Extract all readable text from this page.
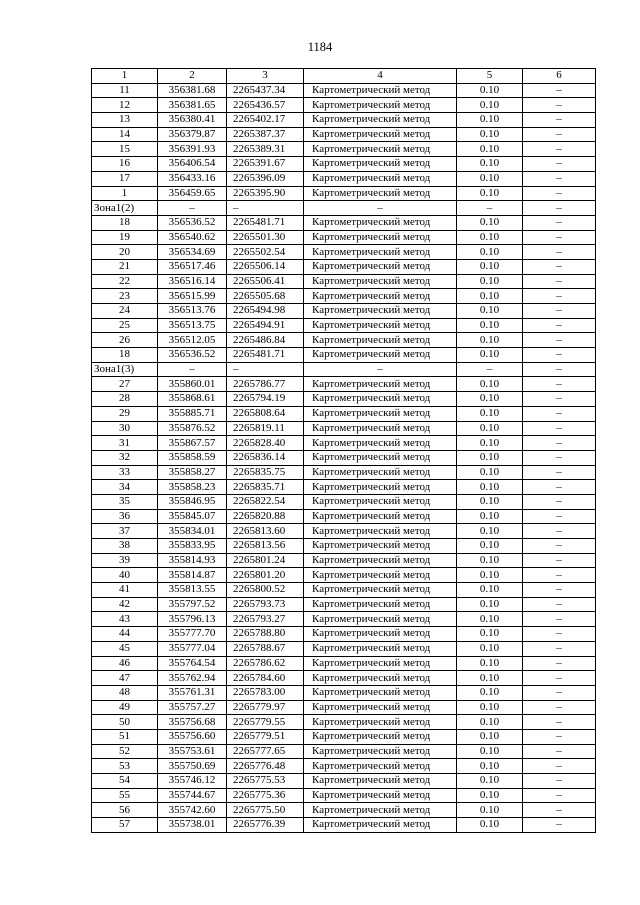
1184
1	2	3	4	5	6
11	356381.68	2265437.34	Картометрический метод	0.10	–
12	356381.65	2265436.57	Картометрический метод	0.10	–
13	356380.41	2265402.17	Картометрический метод	0.10	–
14	356379.87	2265387.37	Картометрический метод	0.10	–
15	356391.93	2265389.31	Картометрический метод	0.10	–
16	356406.54	2265391.67	Картометрический метод	0.10	–
17	356433.16	2265396.09	Картометрический метод	0.10	–
1	356459.65	2265395.90	Картометрический метод	0.10	–
Зона1(2)	–	–	–	–	–
18	356536.52	2265481.71	Картометрический метод	0.10	–
19	356540.62	2265501.30	Картометрический метод	0.10	–
20	356534.69	2265502.54	Картометрический метод	0.10	–
21	356517.46	2265506.14	Картометрический метод	0.10	–
22	356516.14	2265506.41	Картометрический метод	0.10	–
23	356515.99	2265505.68	Картометрический метод	0.10	–
24	356513.76	2265494.98	Картометрический метод	0.10	–
25	356513.75	2265494.91	Картометрический метод	0.10	–
26	356512.05	2265486.84	Картометрический метод	0.10	–
18	356536.52	2265481.71	Картометрический метод	0.10	–
Зона1(3)	–	–	–	–	–
27	355860.01	2265786.77	Картометрический метод	0.10	–
28	355868.61	2265794.19	Картометрический метод	0.10	–
29	355885.71	2265808.64	Картометрический метод	0.10	–
30	355876.52	2265819.11	Картометрический метод	0.10	–
31	355867.57	2265828.40	Картометрический метод	0.10	–
32	355858.59	2265836.14	Картометрический метод	0.10	–
33	355858.27	2265835.75	Картометрический метод	0.10	–
34	355858.23	2265835.71	Картометрический метод	0.10	–
35	355846.95	2265822.54	Картометрический метод	0.10	–
36	355845.07	2265820.88	Картометрический метод	0.10	–
37	355834.01	2265813.60	Картометрический метод	0.10	–
38	355833.95	2265813.56	Картометрический метод	0.10	–
39	355814.93	2265801.24	Картометрический метод	0.10	–
40	355814.87	2265801.20	Картометрический метод	0.10	–
41	355813.55	2265800.52	Картометрический метод	0.10	–
42	355797.52	2265793.73	Картометрический метод	0.10	–
43	355796.13	2265793.27	Картометрический метод	0.10	–
44	355777.70	2265788.80	Картометрический метод	0.10	–
45	355777.04	2265788.67	Картометрический метод	0.10	–
46	355764.54	2265786.62	Картометрический метод	0.10	–
47	355762.94	2265784.60	Картометрический метод	0.10	–
48	355761.31	2265783.00	Картометрический метод	0.10	–
49	355757.27	2265779.97	Картометрический метод	0.10	–
50	355756.68	2265779.55	Картометрический метод	0.10	–
51	355756.60	2265779.51	Картометрический метод	0.10	–
52	355753.61	2265777.65	Картометрический метод	0.10	–
53	355750.69	2265776.48	Картометрический метод	0.10	–
54	355746.12	2265775.53	Картометрический метод	0.10	–
55	355744.67	2265775.36	Картометрический метод	0.10	–
56	355742.60	2265775.50	Картометрический метод	0.10	–
57	355738.01	2265776.39	Картометрический метод	0.10	–
